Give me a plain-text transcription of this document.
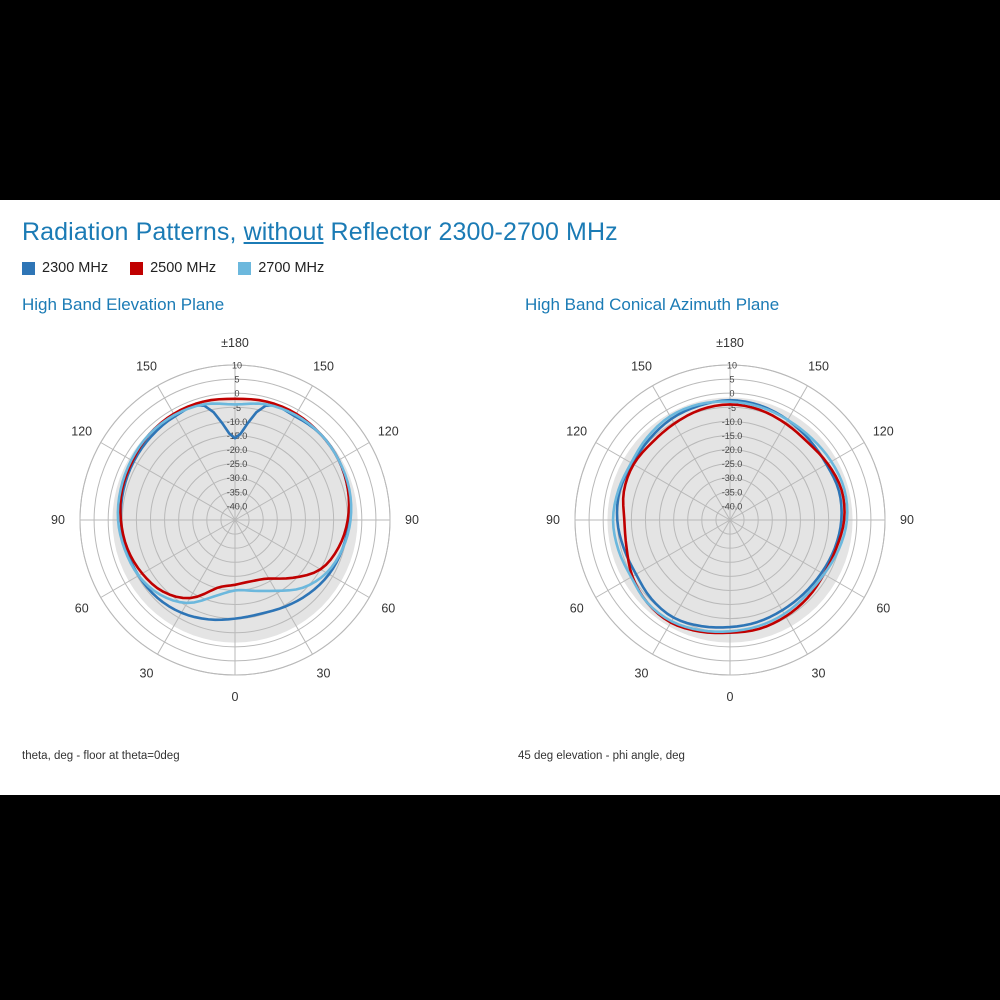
Radiation Patterns, without Reflector 2300-2700 MHz
2300 MHz	2500 MHz	2700 MHz
High Band Elevation Plane
10
5
0
-5
-10.0
-15.0
-20.0
-25.0
-30.0
-35.0
-40.0
0
30
60
90
120
150
±180
150
120
90
60
30
theta, deg - floor at theta=0deg
High Band Conical Azimuth Plane
10
5
0
-5
-10.0
-15.0
-20.0
-25.0
-30.0
-35.0
-40.0
0
30
60
90
120
150
±180
150
120
90
60
30
45 deg elevation - phi angle, deg
